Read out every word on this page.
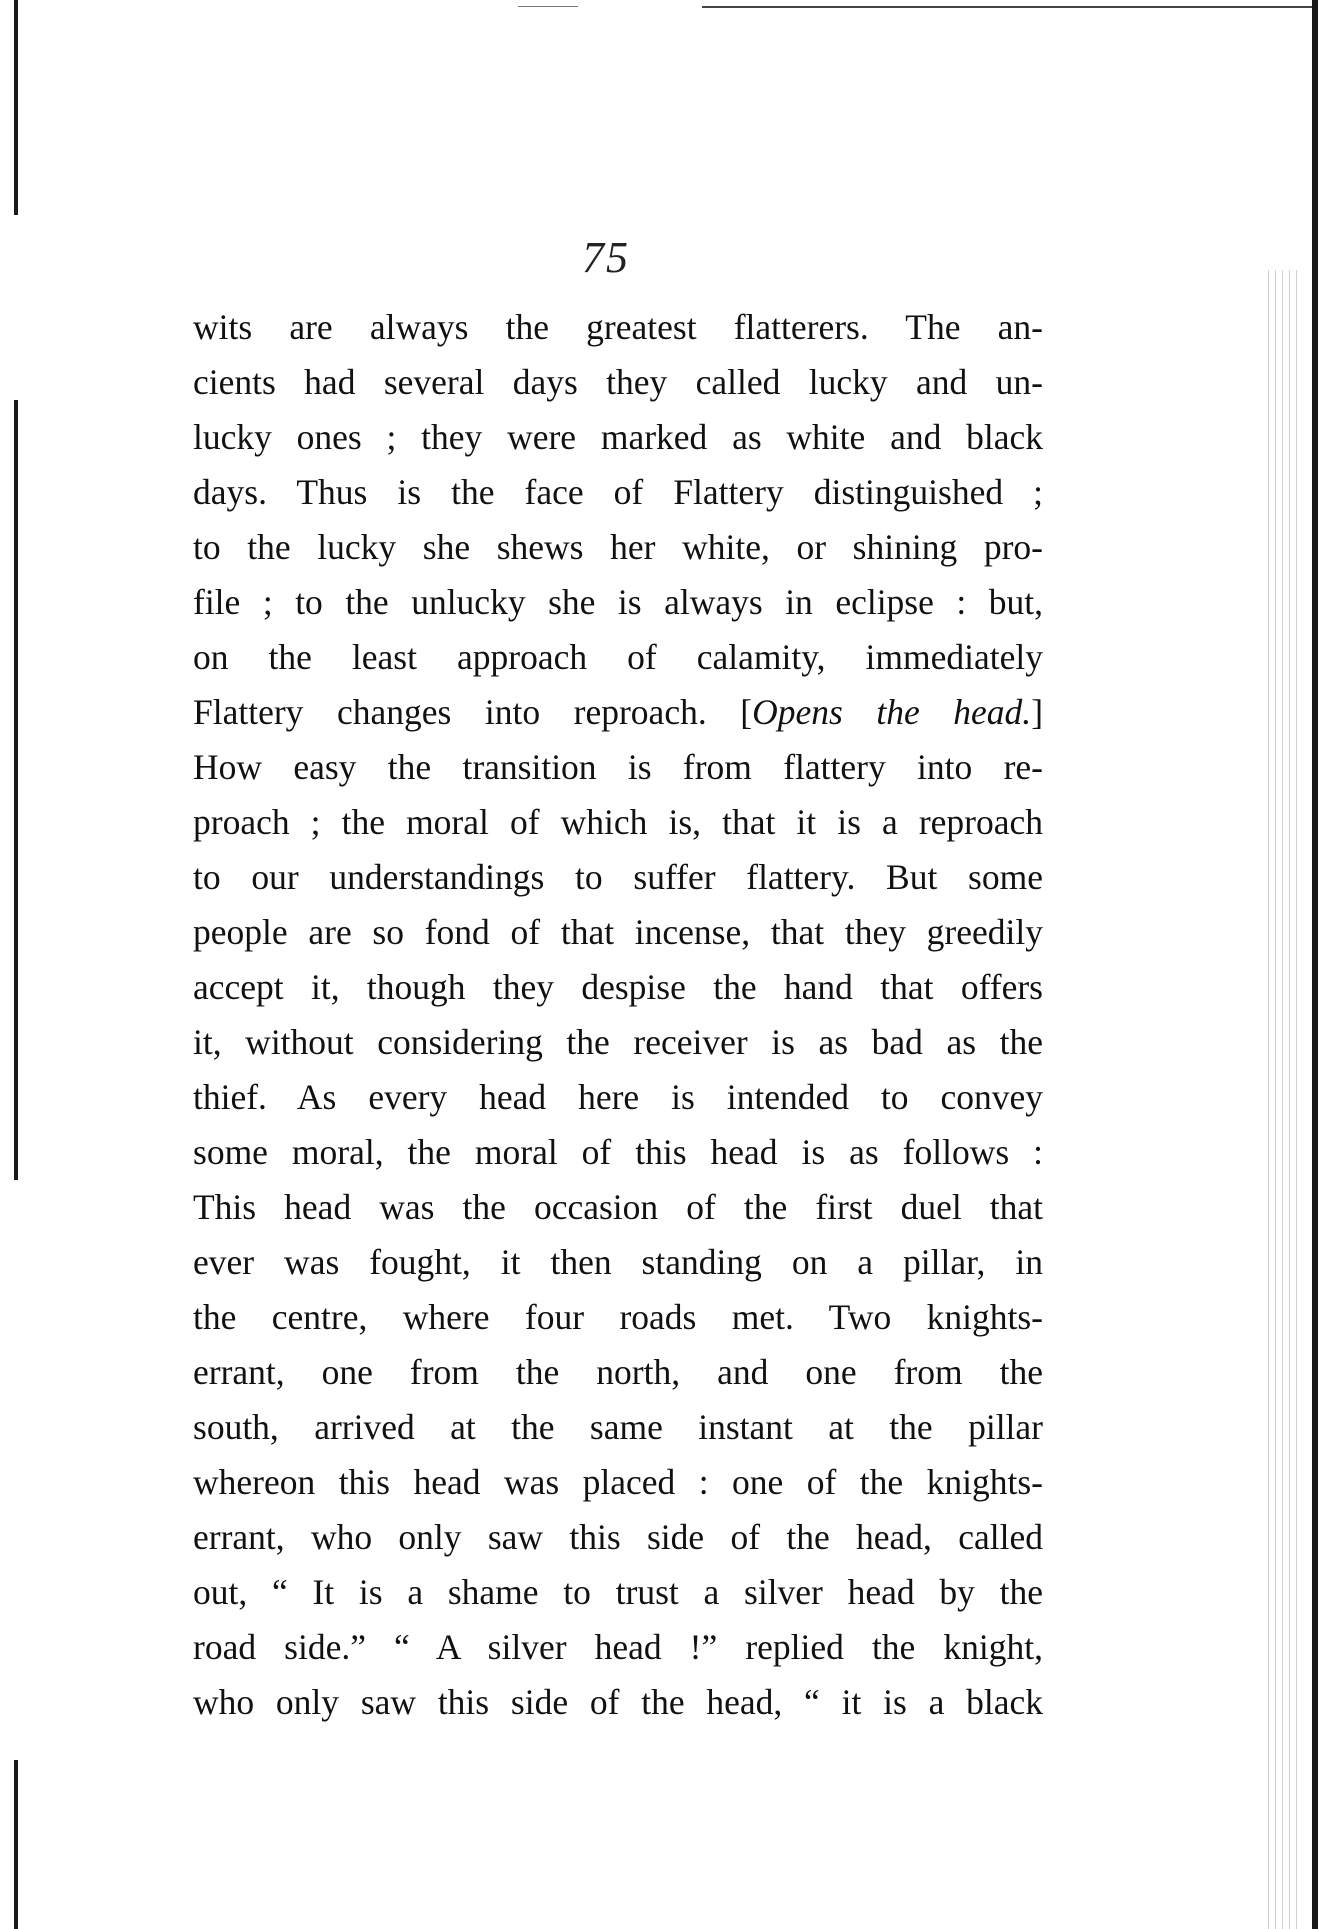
75
wits are always the greatest flatterers. The an-
cients had several days they called lucky and un-
lucky ones ; they were marked as white and black
days. Thus is the face of Flattery distinguished ;
to the lucky she shews her white, or shining pro-
file ; to the unlucky she is always in eclipse : but,
on the least approach of calamity, immediately
Flattery changes into reproach. [Opens the head.]
How easy the transition is from flattery into re-
proach ; the moral of which is, that it is a reproach
to our understandings to suffer flattery. But some
people are so fond of that incense, that they greedily
accept it, though they despise the hand that offers
it, without considering the receiver is as bad as the
thief. As every head here is intended to convey
some moral, the moral of this head is as follows :
This head was the occasion of the first duel that
ever was fought, it then standing on a pillar, in
the centre, where four roads met. Two knights-
errant, one from the north, and one from the
south, arrived at the same instant at the pillar
whereon this head was placed : one of the knights-
errant, who only saw this side of the head, called
out, “ It is a shame to trust a silver head by the
road side.” “ A silver head !” replied the knight,
who only saw this side of the head, “ it is a black
